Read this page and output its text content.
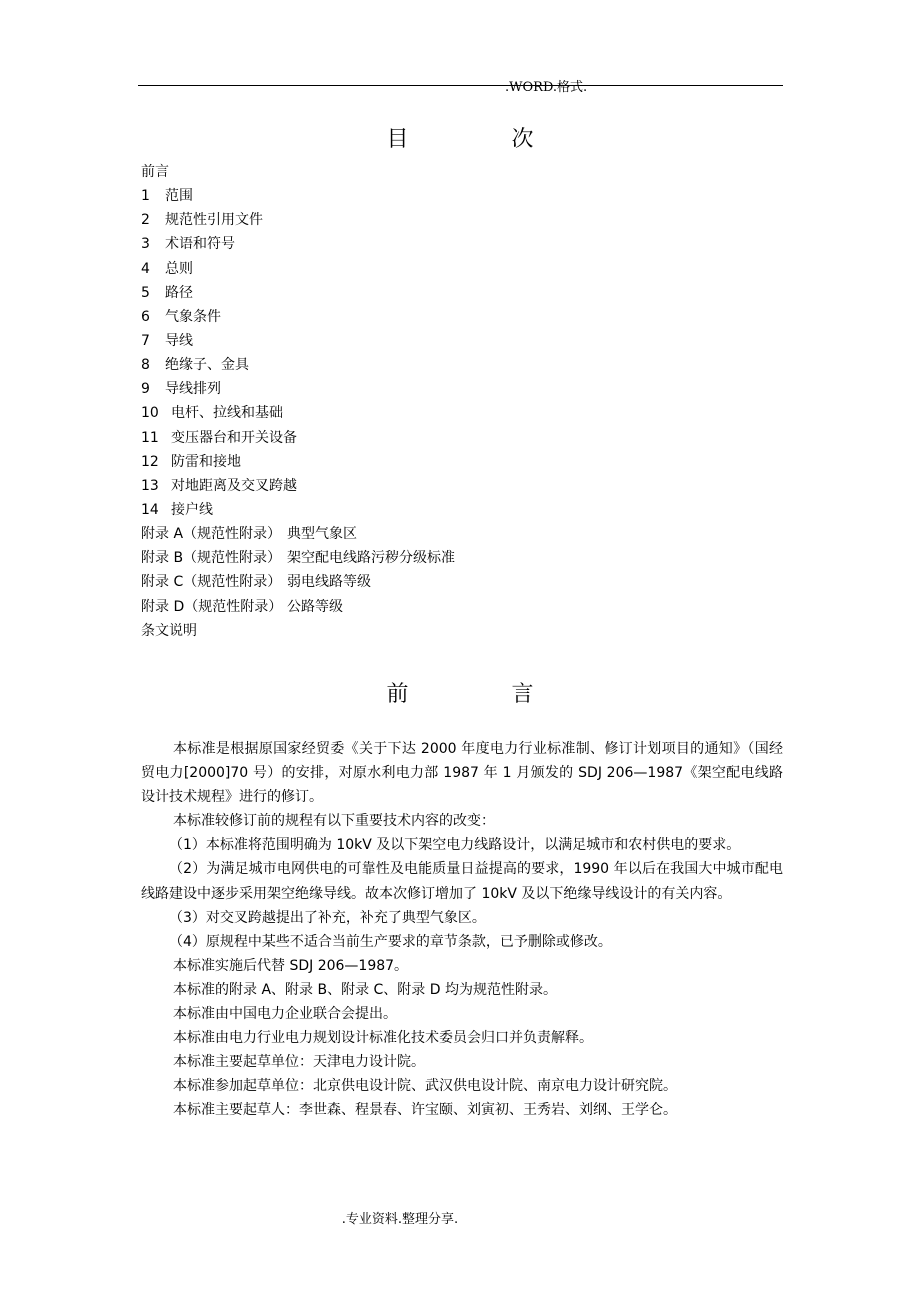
.WORD.格式.
目 次
前言
1 范围
2 规范性引用文件
3 术语和符号
4 总则
5 路径
6 气象条件
7 导线
8 绝缘子、金具
9 导线排列
10 电杆、拉线和基础
11 变压器台和开关设备
12 防雷和接地
13 对地距离及交叉跨越
14 接户线
附录 A（规范性附录） 典型气象区
附录 B（规范性附录） 架空配电线路污秽分级标准
附录 C（规范性附录） 弱电线路等级
附录 D（规范性附录） 公路等级
条文说明
前 言

本标准是根据原国家经贸委《关于下达 2000 年度电力行业标准制、修订计划项目的通知》（国经贸电力[2000]70 号）的安排，对原水利电力部 1987 年 1 月颁发的 SDJ 206—1987《架空配电线路设计技术规程》进行的修订。

本标准较修订前的规程有以下重要技术内容的改变：

（1）本标准将范围明确为 10kV 及以下架空电力线路设计，以满足城市和农村供电的要求。

（2）为满足城市电网供电的可靠性及电能质量日益提高的要求，1990 年以后在我国大中城市配电线路建设中逐步采用架空绝缘导线。故本次修订增加了 10kV 及以下绝缘导线设计的有关内容。

（3）对交叉跨越提出了补充，补充了典型气象区。

（4）原规程中某些不适合当前生产要求的章节条款，已予删除或修改。

本标准实施后代替 SDJ 206—1987。

本标准的附录 A、附录 B、附录 C、附录 D 均为规范性附录。

本标准由中国电力企业联合会提出。

本标准由电力行业电力规划设计标准化技术委员会归口并负责解释。

本标准主要起草单位：天津电力设计院。

本标准参加起草单位：北京供电设计院、武汉供电设计院、南京电力设计研究院。

本标准主要起草人：李世森、程景春、许宝颐、刘寅初、王秀岩、刘纲、王学仑。

.专业资料.整理分享.
